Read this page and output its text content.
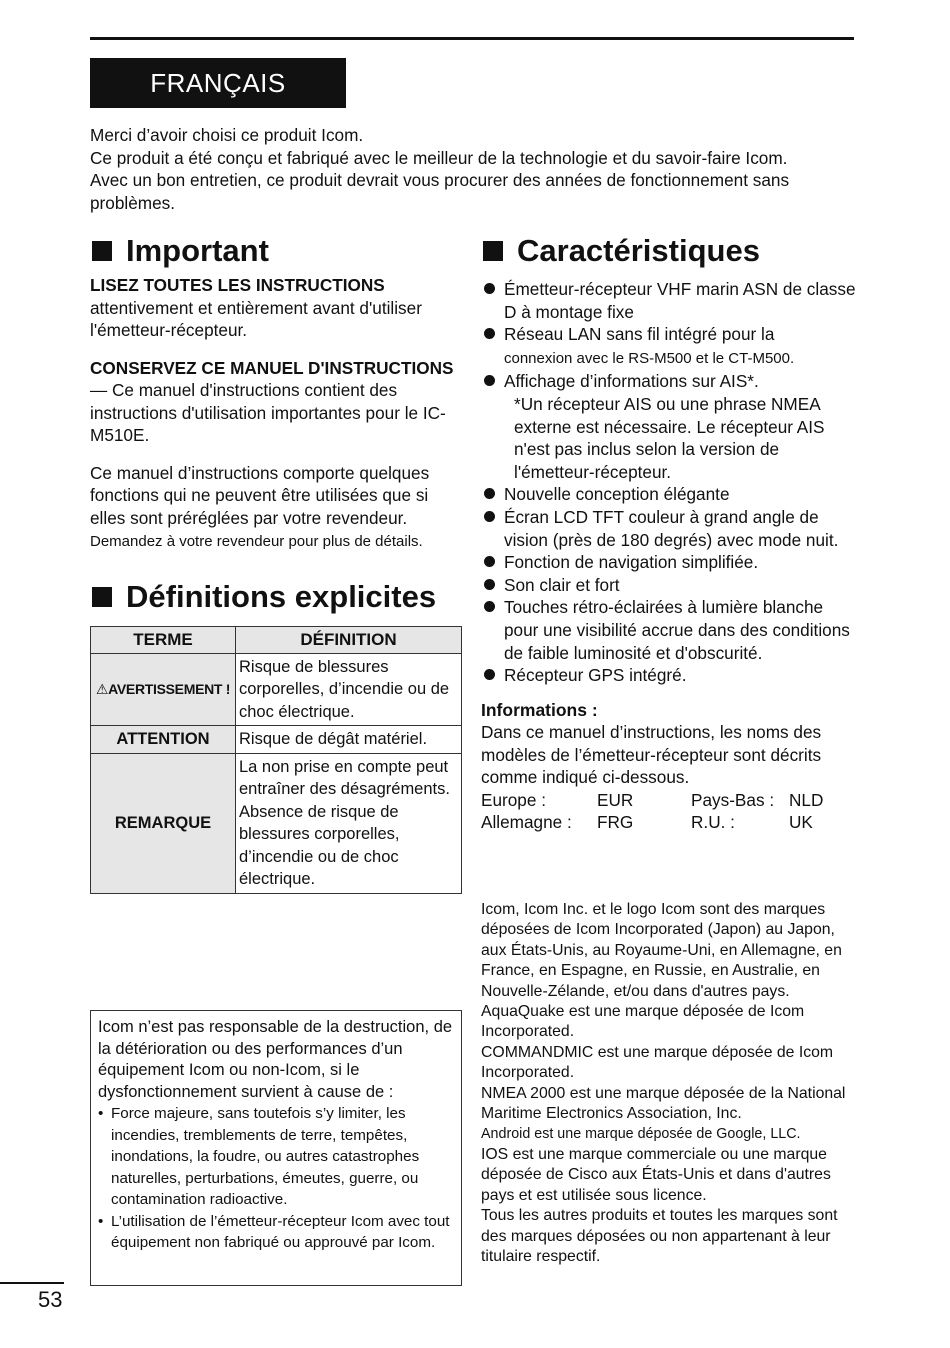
FRANÇAIS

Merci d’avoir choisi ce produit Icom.

Ce produit a été conçu et fabriqué avec le meilleur de la technologie et du savoir-faire Icom. Avec un bon entretien, ce produit devrait vous procurer des années de fonctionnement sans problèmes.

Important

LISEZ TOUTES LES INSTRUCTIONS
attentivement et entièrement avant d'utiliser l'émetteur-récepteur.

CONSERVEZ CE MANUEL D'INSTRUCTIONS — Ce manuel d'instructions contient des instructions d'utilisation importantes pour le IC-M510E.

Ce manuel d’instructions comporte quelques fonctions qui ne peuvent être utilisées que si elles sont préréglées par votre revendeur.
Demandez à votre revendeur pour plus de détails.

Définitions explicites
TERME	DÉFINITION
⚠AVERTISSEMENT !	Risque de blessures corporelles, d’incendie ou de choc électrique.
ATTENTION	Risque de dégât matériel.
REMARQUE	La non prise en compte peut entraîner des désagréments. Absence de risque de blessures corporelles, d’incendie ou de choc électrique.

Icom n’est pas responsable de la destruction, de la détérioration ou des performances d’un équipement Icom ou non-Icom, si le dysfonctionnement survient à cause de :

• Force majeure, sans toutefois s’y limiter, les incendies, tremblements de terre, tempêtes, inondations, la foudre, ou autres catastrophes naturelles, perturbations, émeutes, guerre, ou contamination radioactive.
• L’utilisation de l’émetteur-récepteur Icom avec tout équipement non fabriqué ou approuvé par Icom.
Caractéristiques
Émetteur-récepteur VHF marin ASN de classe D à montage fixe
Réseau LAN sans fil intégré pour la
connexion avec le RS-M500 et le CT-M500.
Affichage d’informations sur AIS*.
*Un récepteur AIS ou une phrase NMEA externe est nécessaire. Le récepteur AIS n'est pas inclus selon la version de l'émetteur-récepteur.
Nouvelle conception élégante
Écran LCD TFT couleur à grand angle de vision (près de 180 degrés) avec mode nuit.
Fonction de navigation simplifiée.
Son clair et fort
Touches rétro-éclairées à lumière blanche pour une visibilité accrue dans des conditions de faible luminosité et d'obscurité.
Récepteur GPS intégré.

Informations :

Dans ce manuel d’instructions, les noms des modèles de l’émetteur-récepteur sont décrits comme indiqué ci-dessous.

Europe :	EUR	Pays-Bas : NLD
Allemagne :	FRG	R.U. :	UK

Icom, Icom Inc. et le logo Icom sont des marques déposées de Icom Incorporated (Japon) au Japon, aux États-Unis, au Royaume-Uni, en Allemagne, en France, en Espagne, en Russie, en Australie, en Nouvelle-Zélande, et/ou dans d'autres pays.

AquaQuake est une marque déposée de Icom Incorporated.

COMMANDMIC est une marque déposée de Icom Incorporated.

NMEA 2000 est une marque déposée de la National Maritime Electronics Association, Inc.

Android est une marque déposée de Google, LLC.

IOS est une marque commerciale ou une marque déposée de Cisco aux États-Unis et dans d'autres pays et est utilisée sous licence.

Tous les autres produits et toutes les marques sont des marques déposées ou non appartenant à leur titulaire respectif.

53
